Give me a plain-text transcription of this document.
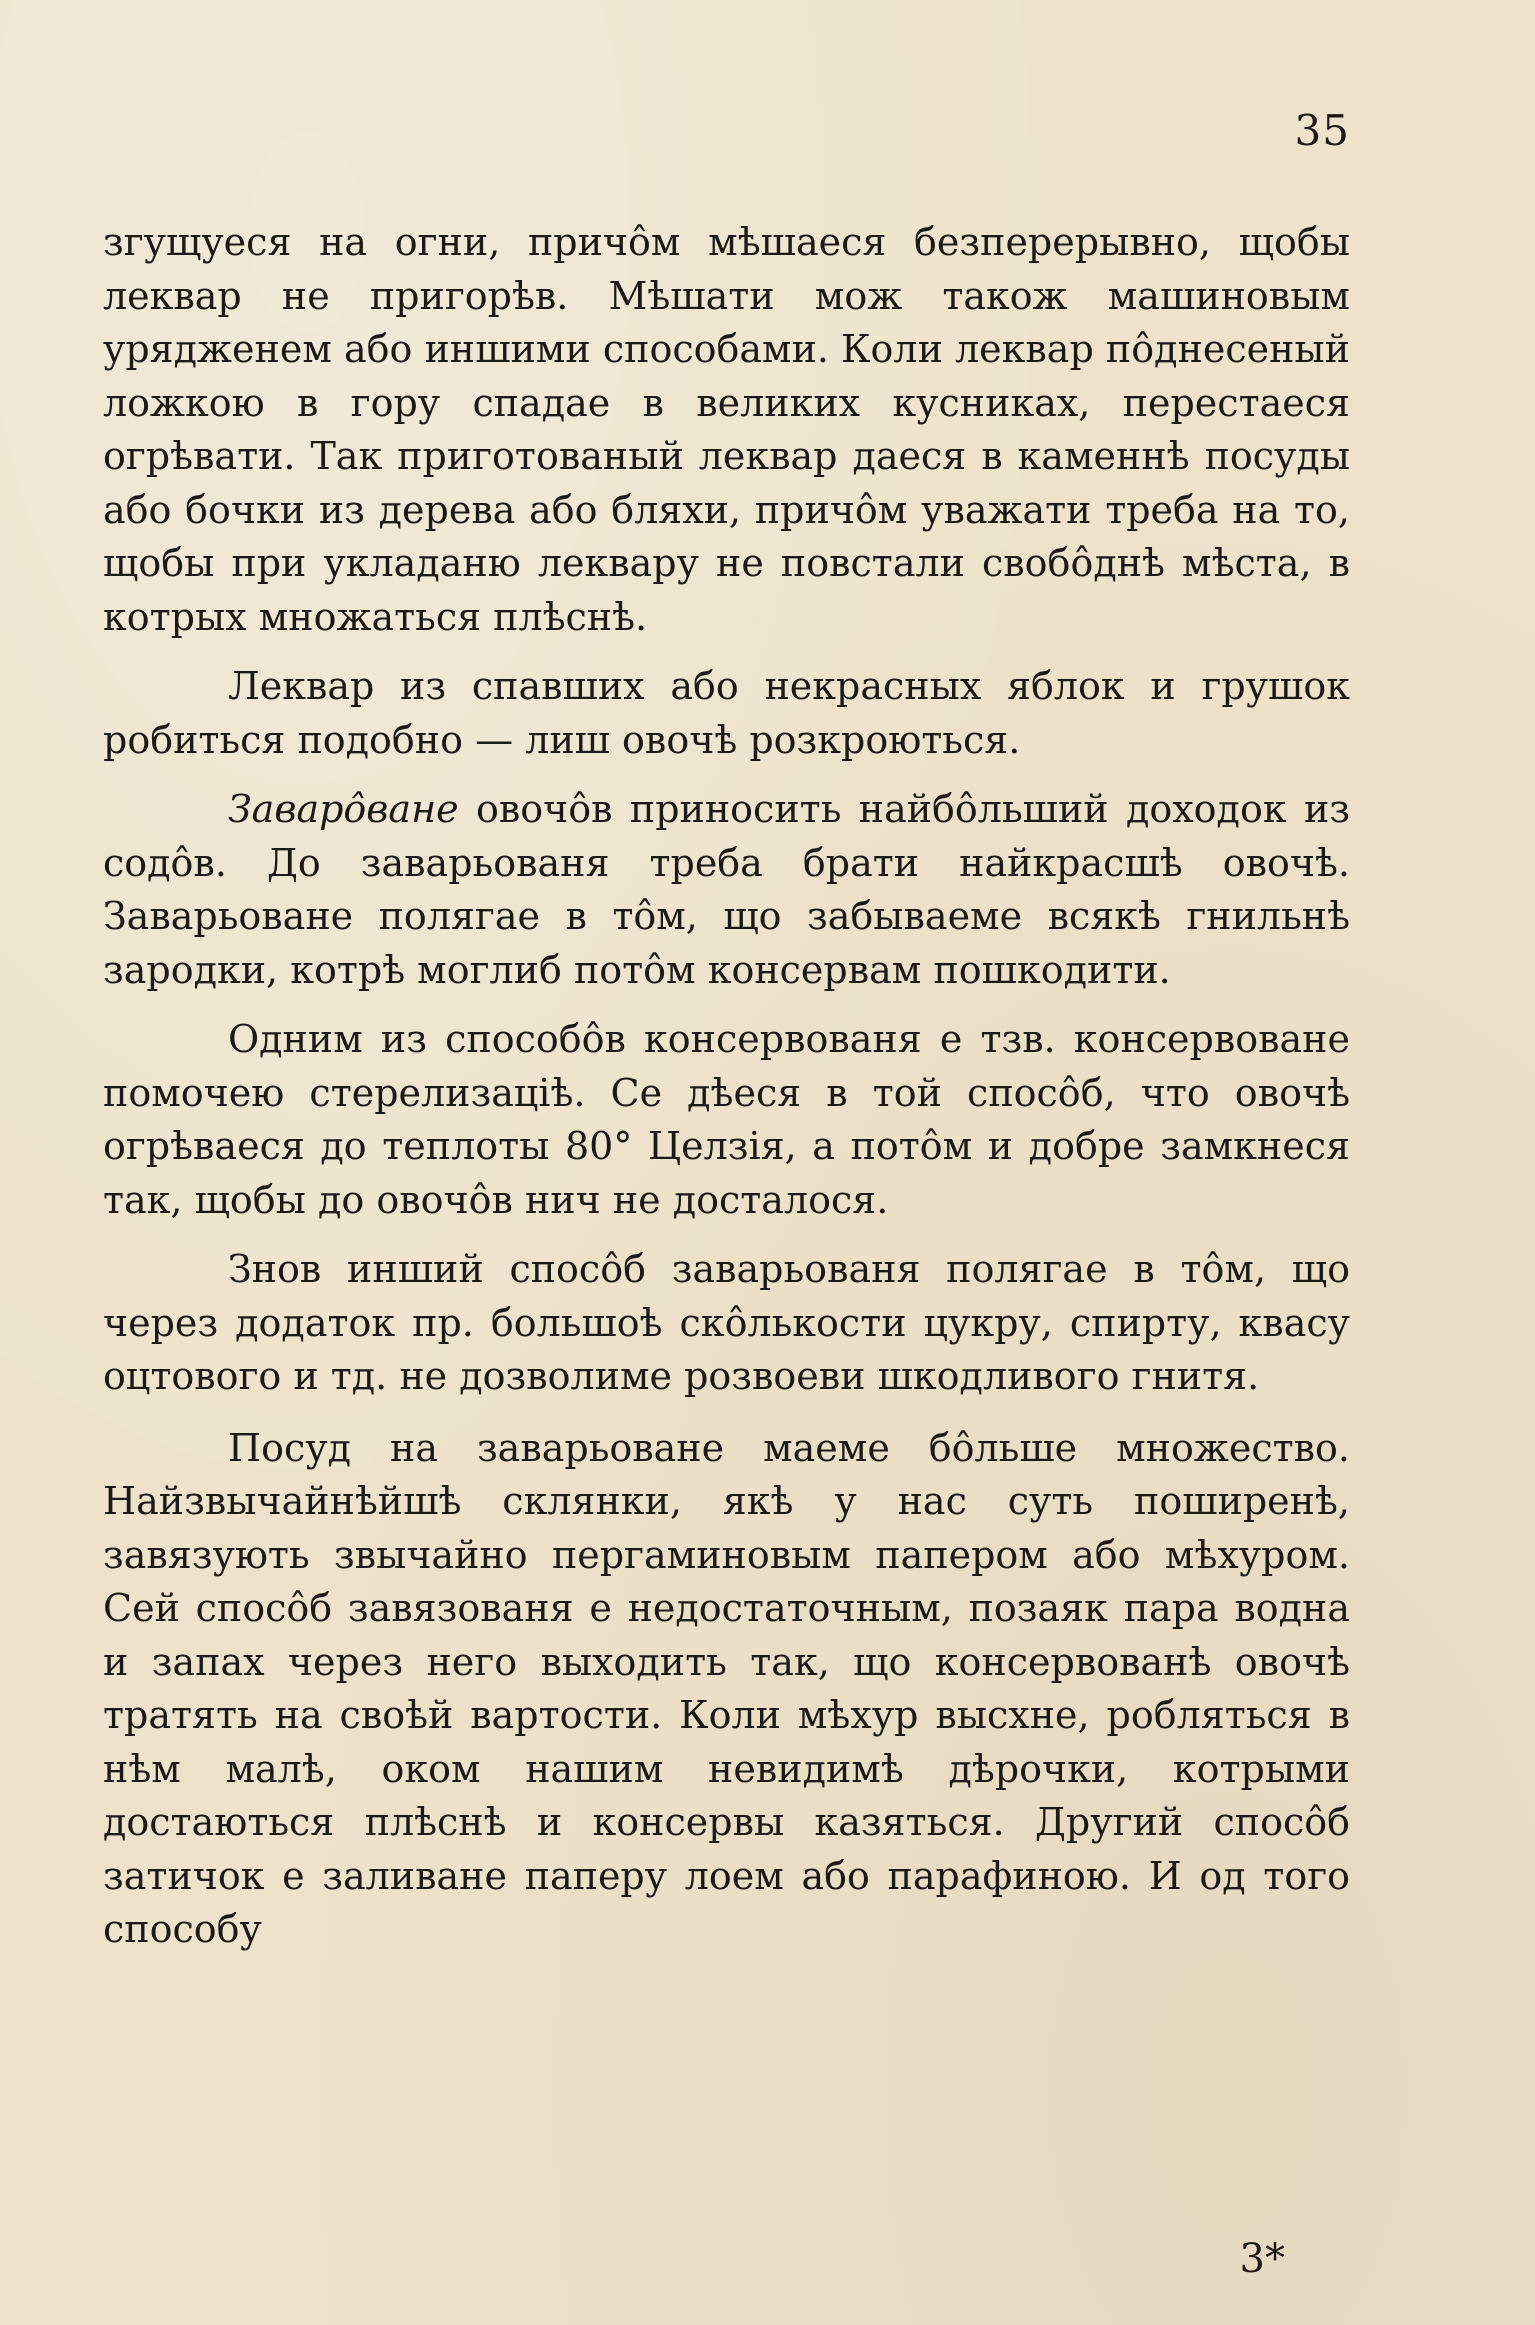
35

згущуеся на огни, причôм мѣшаеся безперерывно, щобы леквар не пригорѣв. Мѣшати мож також машиновым урядженем або иншими способами. Коли леквар пôднесеный ложкою в гору спадае в великих кусниках, перестаеся огрѣвати. Так приготованый леквар даеся в каменнѣ посуды або бочки из дерева або бляхи, причôм уважати треба на то, щобы при укладаню леквару не повстали свобôднѣ мѣста, в котрых множаться плѣснѣ.

Леквар из спавших або некрасных яблок и грушок робиться подобно — лиш овочѣ розкроються.

Заварôване овочôв приносить найбôльший доходок из содôв. До заварьованя треба брати найкрасшѣ овочѣ. Заварьоване полягае в тôм, що забываеме всякѣ гнильнѣ зародки, котрѣ моглиб потôм консервам пошкодити.

Одним из способôв консервованя е тзв. консервоване помочею стерелизацiѣ. Се дѣеся в той спосôб, что овочѣ огрѣваеся до теплоты 80° Целзiя, а потôм и добре замкнеся так, щобы до овочôв нич не досталося.

Знов инший спосôб заварьованя полягае в тôм, що через додаток пр. большоѣ скôлькости цукру, спирту, квасу оцтового и тд. не дозволиме розвоеви шкодливого гнитя.

Посуд на заварьоване маеме бôльше множество. Найзвычайнѣйшѣ склянки, якѣ у нас суть поширенѣ, завязують звычайно пергаминовым папером або мѣхуром. Сей спосôб завязованя е недостаточным, позаяк пара водна и запах через него выходить так, що консервованѣ овочѣ тратять на своѣй вартости. Коли мѣхур высхне, робляться в нѣм малѣ, оком нашим невидимѣ дѣрочки, котрыми достаються плѣснѣ и консервы казяться. Другий спосôб затичок е заливане паперу лоем або парафиною. И од того способу

3*
